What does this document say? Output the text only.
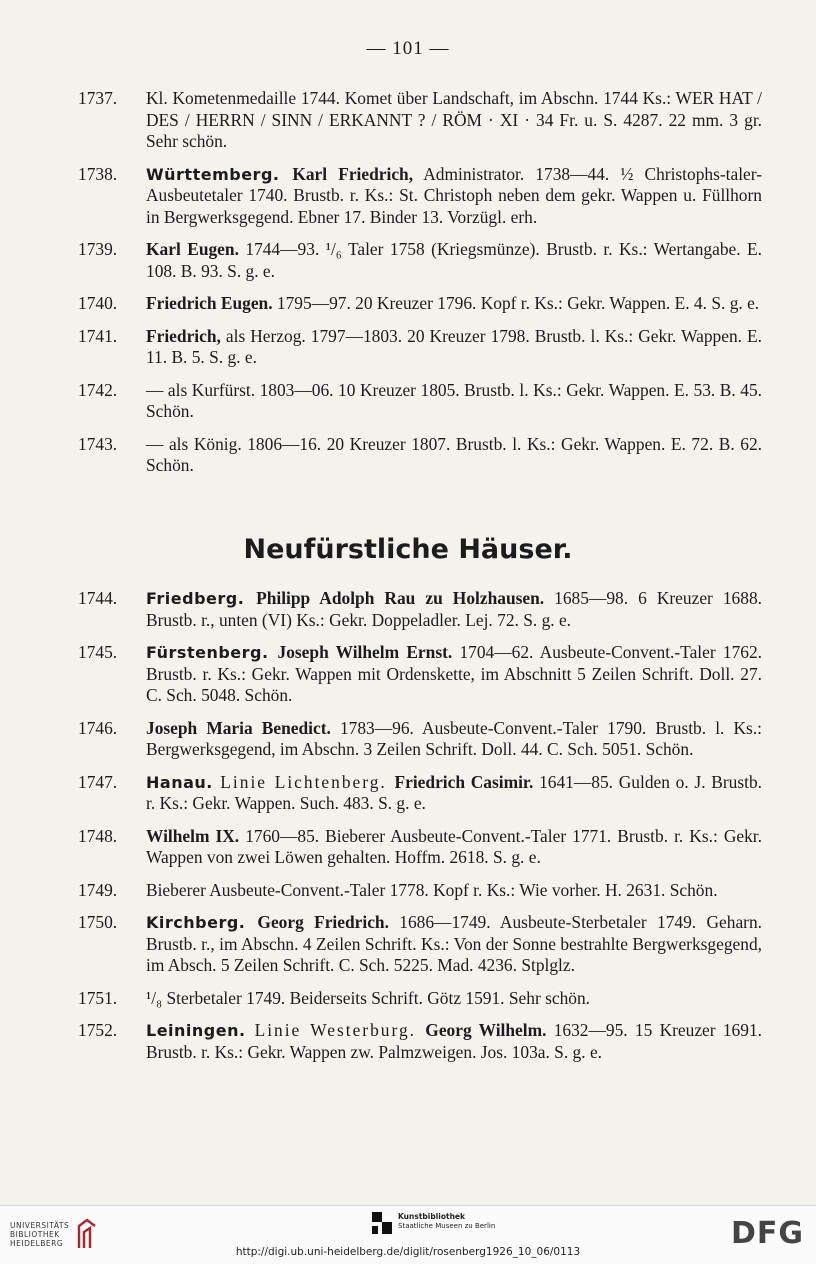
— 101 —
1737. Kl. Kometenmedaille 1744. Komet über Landschaft, im Abschn. 1744 Ks.: WER HAT / DES / HERRN / SINN / ERKANNT ? / RÖM · XI · 34 Fr. u. S. 4287. 22 mm. 3 gr. Sehr schön.
1738. Württemberg. Karl Friedrich, Administrator. 1738—44. ½ Christophs-taler-Ausbeutetaler 1740. Brustb. r. Ks.: St. Christoph neben dem gekr. Wappen u. Füllhorn in Bergwerksgegend. Ebner 17. Binder 13. Vorzügl. erh.
1739. Karl Eugen. 1744—93. ¹/₆ Taler 1758 (Kriegsmünze). Brustb. r. Ks.: Wertangabe. E. 108. B. 93. S. g. e.
1740. Friedrich Eugen. 1795—97. 20 Kreuzer 1796. Kopf r. Ks.: Gekr. Wappen. E. 4. S. g. e.
1741. Friedrich, als Herzog. 1797—1803. 20 Kreuzer 1798. Brustb. l. Ks.: Gekr. Wappen. E. 11. B. 5. S. g. e.
1742. — als Kurfürst. 1803—06. 10 Kreuzer 1805. Brustb. l. Ks.: Gekr. Wappen. E. 53. B. 45. Schön.
1743. — als König. 1806—16. 20 Kreuzer 1807. Brustb. l. Ks.: Gekr. Wappen. E. 72. B. 62. Schön.
Neufürstliche Häuser.
1744. Friedberg. Philipp Adolph Rau zu Holzhausen. 1685—98. 6 Kreuzer 1688. Brustb. r., unten (VI) Ks.: Gekr. Doppeladler. Lej. 72. S. g. e.
1745. Fürstenberg. Joseph Wilhelm Ernst. 1704—62. Ausbeute-Convent.-Taler 1762. Brustb. r. Ks.: Gekr. Wappen mit Ordenskette, im Abschnitt 5 Zeilen Schrift. Doll. 27. C. Sch. 5048. Schön.
1746. Joseph Maria Benedict. 1783—96. Ausbeute-Convent.-Taler 1790. Brustb. l. Ks.: Bergwerksgegend, im Abschn. 3 Zeilen Schrift. Doll. 44. C. Sch. 5051. Schön.
1747. Hanau. Linie Lichtenberg. Friedrich Casimir. 1641—85. Gulden o. J. Brustb. r. Ks.: Gekr. Wappen. Such. 483. S. g. e.
1748. Wilhelm IX. 1760—85. Bieberer Ausbeute-Convent.-Taler 1771. Brustb. r. Ks.: Gekr. Wappen von zwei Löwen gehalten. Hoffm. 2618. S. g. e.
1749. Bieberer Ausbeute-Convent.-Taler 1778. Kopf r. Ks.: Wie vorher. H. 2631. Schön.
1750. Kirchberg. Georg Friedrich. 1686—1749. Ausbeute-Sterbetaler 1749. Geharn. Brustb. r., im Abschn. 4 Zeilen Schrift. Ks.: Von der Sonne bestrahlte Bergwerksgegend, im Absch. 5 Zeilen Schrift. C. Sch. 5225. Mad. 4236. Stplglz.
1751. ¹/₈ Sterbetaler 1749. Beiderseits Schrift. Götz 1591. Sehr schön.
1752. Leiningen. Linie Westerburg. Georg Wilhelm. 1632—95. 15 Kreuzer 1691. Brustb. r. Ks.: Gekr. Wappen zw. Palmzweigen. Jos. 103a. S. g. e.
UNIVERSITÄTS
BIBLIOTHEK
HEIDELBERG
Kunstbibliothek
Staatliche Museen zu Berlin	DFG
http://digi.ub.uni-heidelberg.de/diglit/rosenberg1926_10_06/0113
